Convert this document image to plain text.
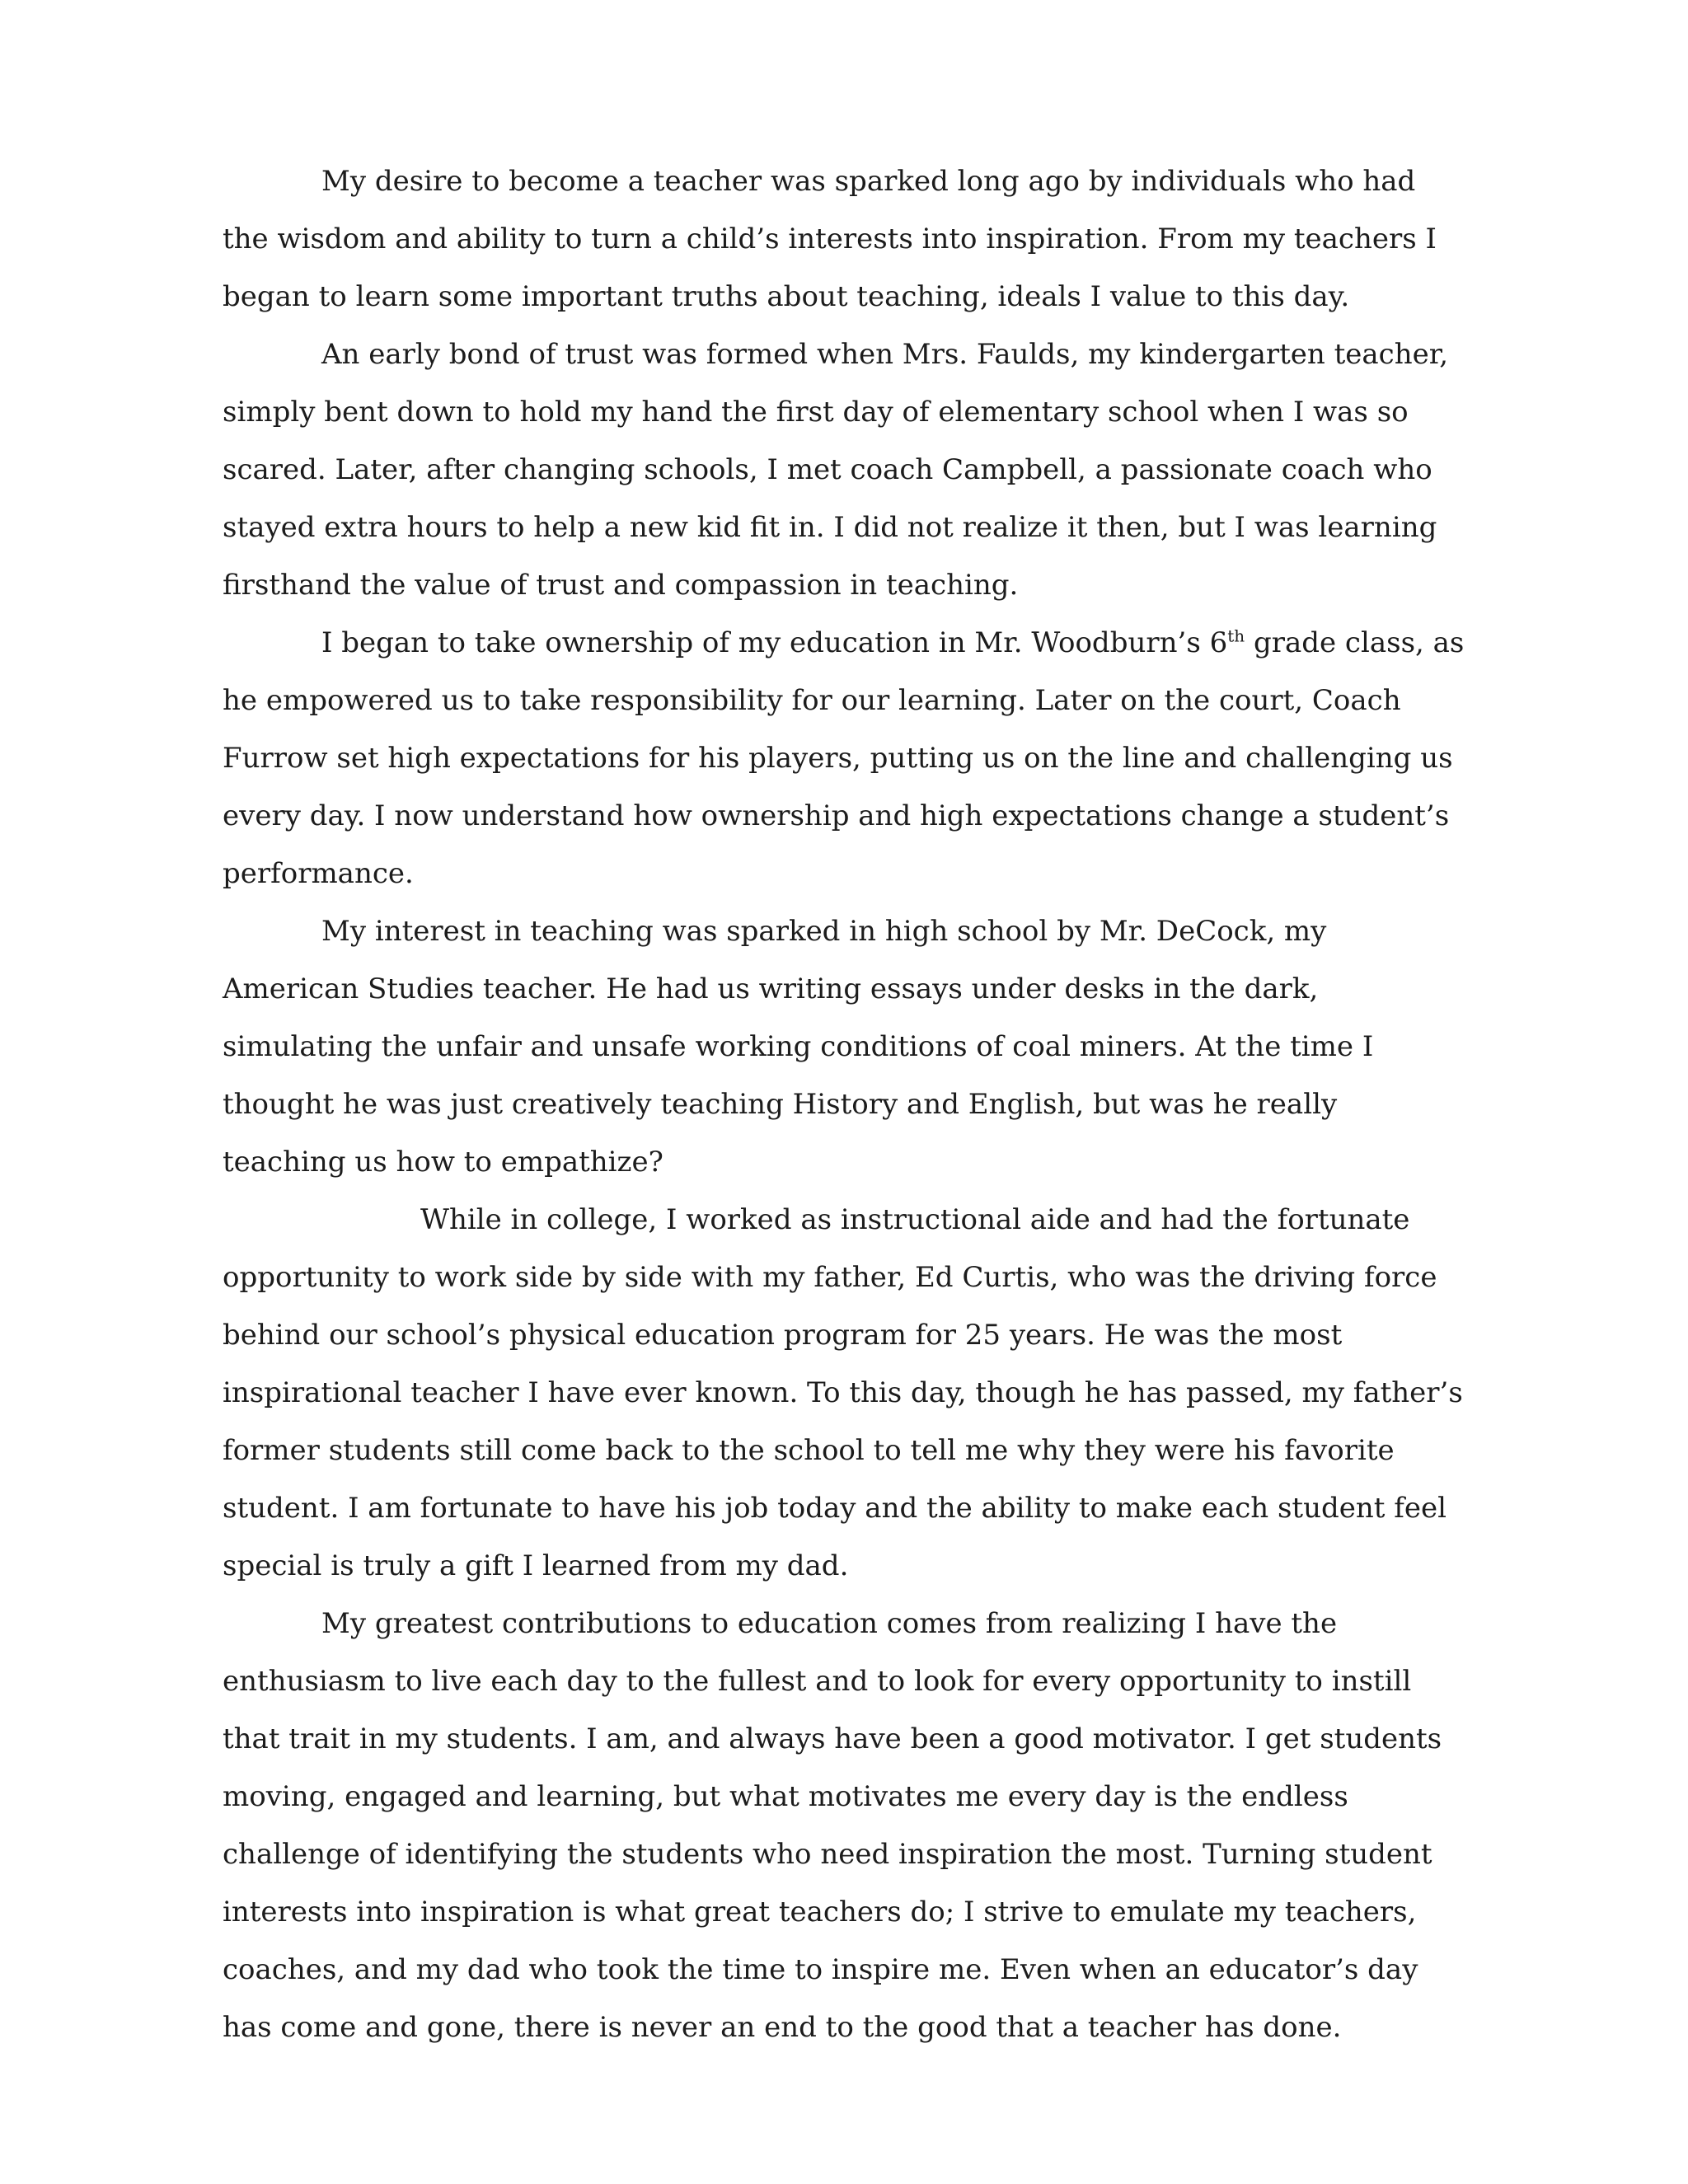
My desire to become a teacher was sparked long ago by individuals who had the wisdom and ability to turn a child’s interests into inspiration. From my teachers I began to learn some important truths about teaching, ideals I value to this day.

An early bond of trust was formed when Mrs. Faulds, my kindergarten teacher, simply bent down to hold my hand the first day of elementary school when I was so scared. Later, after changing schools, I met coach Campbell, a passionate coach who stayed extra hours to help a new kid fit in. I did not realize it then, but I was learning firsthand the value of trust and compassion in teaching.

I began to take ownership of my education in Mr. Woodburn’s 6th grade class, as he empowered us to take responsibility for our learning. Later on the court, Coach Furrow set high expectations for his players, putting us on the line and challenging us every day. I now understand how ownership and high expectations change a student’s performance.

My interest in teaching was sparked in high school by Mr. DeCock, my American Studies teacher. He had us writing essays under desks in the dark, simulating the unfair and unsafe working conditions of coal miners. At the time I thought he was just creatively teaching History and English, but was he really teaching us how to empathize?

While in college, I worked as instructional aide and had the fortunate opportunity to work side by side with my father, Ed Curtis, who was the driving force behind our school’s physical education program for 25 years. He was the most inspirational teacher I have ever known. To this day, though he has passed, my father’s former students still come back to the school to tell me why they were his favorite student. I am fortunate to have his job today and the ability to make each student feel special is truly a gift I learned from my dad.

My greatest contributions to education comes from realizing I have the enthusiasm to live each day to the fullest and to look for every opportunity to instill that trait in my students. I am, and always have been a good motivator. I get students moving, engaged and learning, but what motivates me every day is the endless challenge of identifying the students who need inspiration the most. Turning student interests into inspiration is what great teachers do; I strive to emulate my teachers, coaches, and my dad who took the time to inspire me. Even when an educator’s day has come and gone, there is never an end to the good that a teacher has done.
